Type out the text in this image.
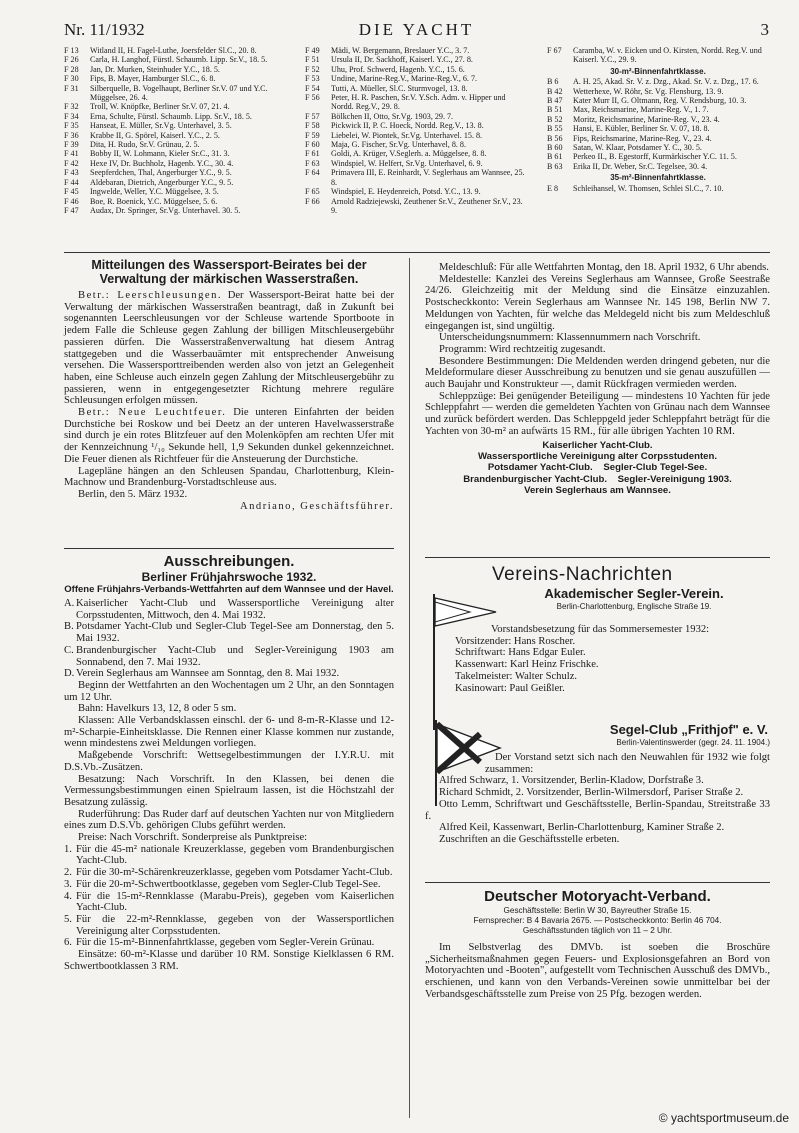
Nr. 11/1932	DIE YACHT	3
F 13	Witland II, H. Fagel-Luthe, Joersfelder Sl.C., 20. 8.
F 26	Carla, H. Langhof, Fürstl. Schaumb. Lipp. Sr.V., 18. 5.
F 28	Jan, Dr. Murken, Steinhuder Y.C., 18. 5.
F 30	Fips, B. Mayer, Hamburger Sl.C., 6. 8.
F 31	Silberquelle, B. Vogelhaupt, Berliner Sr.V. 07 und Y.C. Müggelsee, 26. 4.
F 32	Troll, W. Knöpfke, Berliner Sr.V. 07, 21. 4.
F 34	Erna, Schulte, Fürstl. Schaumb. Lipp. Sr.V., 18. 5.
F 35	Hanseat, E. Müller, Sr.Vg. Unterhavel, 3. 5.
F 36	Krabbe II, G. Spörel, Kaiserl. Y.C., 2. 5.
F 39	Dita, H. Rudo, Sr.V. Grünau, 2. 5.
F 41	Bobby II, W. Lohmann, Kieler Sr.C., 31. 3.
F 42	Hexe IV, Dr. Buchholz, Hagenb. Y.C., 30. 4.
F 43	Seepferdchen, Thal, Angerburger Y.C., 9. 5.
F 44	Aldebaran, Dietrich, Angerburger Y.C., 9. 5.
F 45	Ingwelde, Weller, Y.C. Müggelsee, 3. 5.
F 46	Boe, R. Boenick, Y.C. Müggelsee, 5. 6.
F 47	Audax, Dr. Springer, Sr.Vg. Unterhavel. 30. 5.
F 49	Mädi, W. Bergemann, Breslauer Y.C., 3. 7.
F 51	Ursula II, Dr. Sackhoff, Kaiserl. Y.C., 27. 8.
F 52	Uhu, Prof. Schwerd, Hagenb. Y.C., 15. 6.
F 53	Undine, Marine-Reg.V., Marine-Reg.V., 6. 7.
F 54	Tutti, A. Müeller, Sl.C. Sturmvogel, 13. 8.
F 56	Peter, H. R. Paschen, Sr.V. Y.Sch. Adm. v. Hipper und Nordd. Reg.V., 29. 8.
F 57	Bölkchen II, Otto, Sr.Vg. 1903, 29. 7.
F 58	Pickwick II, P. C. Hoeck, Nordd. Reg.V., 13. 8.
F 59	Liebelei, W. Piontek, Sr.Vg. Unterhavel. 15. 8.
F 60	Maja, G. Fischer, Sr.Vg. Unterhavel, 8. 8.
F 61	Goldi, A. Krüger, V.Seglerh. a. Müggelsee, 8. 8.
F 63	Windspiel, W. Helfert, Sr.Vg. Unterhavel, 6. 9.
F 64	Primavera III, E. Reinhardt, V. Seglerhaus am Wannsee, 25. 8.
F 65	Windspiel, E. Heydenreich, Potsd. Y.C., 13. 9.
F 66	Arnold Radziejewski, Zeuthener Sr.V., Zeuthener Sr.V., 23. 9.
F 67	Caramba, W. v. Eicken und O. Kirsten, Nordd. Reg.V. und Kaiserl. Y.C., 29. 9.
30-m²-Binnenfahrtklasse.
B 6	A. H. 25, Akad. Sr. V. z. Dzg., Akad. Sr. V. z. Dzg., 17. 6.
B 42	Wetterhexe, W. Röhr, Sr. Vg. Flensburg, 13. 9.
B 47	Kater Murr II, G. Oltmann, Reg. V. Rendsburg, 10. 3.
B 51	Max, Reichsmarine, Marine-Reg. V., 1. 7.
B 52	Moritz, Reichsmarine, Marine-Reg. V., 23. 4.
B 55	Hansi, E. Kübler, Berliner Sr. V. 07, 18. 8.
B 56	Fips, Reichsmarine, Marine-Reg. V., 23. 4.
B 60	Satan, W. Klaar, Potsdamer Y. C., 30. 5.
B 61	Perkeo II., B. Egestorff, Kurmärkischer Y.C. 11. 5.
B 63	Erika II, Dr. Weber, Sr.C. Tegelsee, 30. 4.
35-m²-Binnenfahrtklasse.
E 8	Schleihansel, W. Thomsen, Schlei Sl.C., 7. 10.
Mitteilungen des Wassersport-Beirates bei der Verwaltung der märkischen Wasserstraßen.

Betr.: Leerschleusungen. Der Wassersport-Beirat hatte bei der Verwaltung der märkischen Wasserstraßen beantragt, daß in Zukunft bei sogenannten Leerschleusungen vor der Schleuse wartende Sportboote in jedem Falle die Schleuse gegen Zahlung der billigen Mitschleusergebühr passieren dürfen. Die Wasserstraßenverwaltung hat diesem Antrag stattgegeben und die Wasserbauämter mit entsprechender Anweisung versehen. Die Wassersporttreibenden werden also von jetzt an Gelegenheit haben, eine Schleuse auch einzeln gegen Zahlung der Mitschleusergebühr zu passieren, wenn in entgegengesetzter Richtung mehrere reguläre Schleusungen erfolgen müssen.

Betr.: Neue Leuchtfeuer. Die unteren Einfahrten der beiden Durchstiche bei Roskow und bei Deetz an der unteren Havelwasserstraße sind durch je ein rotes Blitzfeuer auf den Molenköpfen am rechten Ufer mit der Kennzeichnung ¹/₁₀ Sekunde hell, 1,9 Sekunden dunkel gekennzeichnet. Die Feuer dienen als Richtfeuer für die Ansteuerung der Durchstiche.

Lagepläne hängen an den Schleusen Spandau, Charlottenburg, Klein-Machnow und Brandenburg-Vorstadtschleuse aus.

Berlin, den 5. März 1932.

Andriano, Geschäftsführer.
Ausschreibungen.
Berliner Frühjahrswoche 1932.
Offene Frühjahrs-Verbands-Wettfahrten auf dem Wannsee und der Havel.
A. Kaiserlicher Yacht-Club und Wassersportliche Vereinigung alter Corpsstudenten, Mittwoch, den 4. Mai 1932.
B. Potsdamer Yacht-Club und Segler-Club Tegel-See am Donnerstag, den 5. Mai 1932.
C. Brandenburgischer Yacht-Club und Segler-Vereinigung 1903 am Sonnabend, den 7. Mai 1932.
D. Verein Seglerhaus am Wannsee am Sonntag, den 8. Mai 1932.

Beginn der Wettfahrten an den Wochentagen um 2 Uhr, an den Sonntagen um 12 Uhr.

Bahn: Havelkurs 13, 12, 8 oder 5 sm.

Klassen: Alle Verbandsklassen einschl. der 6- und 8-m-R-Klasse und 12-m²-Scharpie-Einheitsklasse. Die Rennen einer Klasse kommen nur zustande, wenn mindestens zwei Meldungen vorliegen.

Maßgebende Vorschrift: Wettsegelbestimmungen der I.Y.R.U. mit D.S.Vb.-Zusätzen.

Besatzung: Nach Vorschrift. In den Klassen, bei denen die Vermessungsbestimmungen einen Spielraum lassen, ist die Höchstzahl der Besatzung zulässig.

Ruderführung: Das Ruder darf auf deutschen Yachten nur von Mitgliedern eines zum D.S.Vb. gehörigen Clubs geführt werden.

Preise: Nach Vorschrift. Sonderpreise als Punktpreise:

1. Für die 45-m² nationale Kreuzerklasse, gegeben vom Brandenburgischen Yacht-Club.
2. Für die 30-m²-Schärenkreuzerklasse, gegeben vom Potsdamer Yacht-Club.
3. Für die 20-m²-Schwertbootklasse, gegeben vom Segler-Club Tegel-See.
4. Für die 15-m²-Rennklasse (Marabu-Preis), gegeben vom Kaiserlichen Yacht-Club.
5. Für die 22-m²-Rennklasse, gegeben von der Wassersportlichen Vereinigung alter Corpsstudenten.
6. Für die 15-m²-Binnenfahrtklasse, gegeben vom Segler-Verein Grünau.

Einsätze: 60-m²-Klasse und darüber 10 RM. Sonstige Kielklassen 6 RM. Schwertbootklassen 3 RM.

Meldeschluß: Für alle Wettfahrten Montag, den 18. April 1932, 6 Uhr abends.

Meldestelle: Kanzlei des Vereins Seglerhaus am Wannsee, Große Seestraße 24/26. Gleichzeitig mit der Meldung sind die Einsätze einzuzahlen. Postscheckkonto: Verein Seglerhaus am Wannsee Nr. 145 198, Berlin NW 7. Meldungen von Yachten, für welche das Meldegeld nicht bis zum Meldeschluß eingegangen ist, sind ungültig.

Unterscheidungsnummern: Klassennummern nach Vorschrift.

Programm: Wird rechtzeitig zugesandt.

Besondere Bestimmungen: Die Meldenden werden dringend gebeten, nur die Meldeformulare dieser Ausschreibung zu benutzen und sie genau auszufüllen — auch Baujahr und Konstrukteur —, damit Rückfragen vermieden werden.

Schleppzüge: Bei genügender Beteiligung — mindestens 10 Yachten für jede Schleppfahrt — werden die gemeldeten Yachten von Grünau nach dem Wannsee und zurück befördert werden. Das Schleppgeld jeder Schleppfahrt beträgt für die Yachten von 30-m² an aufwärts 15 RM., für alle übrigen Yachten 10 RM.

Kaiserlicher Yacht-Club.
Wassersportliche Vereinigung alter Corpsstudenten.
Potsdamer Yacht-Club.    Segler-Club Tegel-See.
Brandenburgischer Yacht-Club.    Segler-Vereinigung 1903.
Verein Seglerhaus am Wannsee.
Vereins-Nachrichten
Akademischer Segler-Verein.
Berlin-Charlottenburg, Englische Straße 19.

Vorstandsbesetzung für das Sommersemester 1932:

Vorsitzender: Hans Roscher.
Schriftwart: Hans Edgar Euler.
Kassenwart: Karl Heinz Frischke.
Takelmeister: Walter Schulz.
Kasinowart: Paul Geißler.
Segel-Club „Frithjof" e. V.
Berlin-Valentinswerder (gegr. 24. 11. 1904.)

Der Vorstand setzt sich nach den Neuwahlen für 1932 wie folgt zusammen:

Alfred Schwarz, 1. Vorsitzender, Berlin-Kladow, Dorfstraße 3.

Richard Schmidt, 2. Vorsitzender, Berlin-Wilmersdorf, Pariser Straße 2.

Otto Lemm, Schriftwart und Geschäftsstelle, Berlin-Spandau, Streitstraße 33 f.

Alfred Keil, Kassenwart, Berlin-Charlottenburg, Kaminer Straße 2.

Zuschriften an die Geschäftsstelle erbeten.

Deutscher Motoryacht-Verband.
Geschäftsstelle: Berlin W 30, Bayreuther Straße 15.
Fernsprecher: B 4 Bavaria 2675. — Postscheckkonto: Berlin 46 704.
Geschäftsstunden täglich von 11 – 2 Uhr.

Im Selbstverlag des DMVb. ist soeben die Broschüre „Sicherheitsmaßnahmen gegen Feuers- und Explosionsgefahren an Bord von Motoryachten und -Booten", aufgestellt vom Technischen Ausschuß des DMVb., erschienen, und kann von den Verbands-Vereinen sowie unmittelbar bei der Verbandsgeschäftsstelle zum Preise von 25 Pfg. bezogen werden.

© yachtsportmuseum.de
